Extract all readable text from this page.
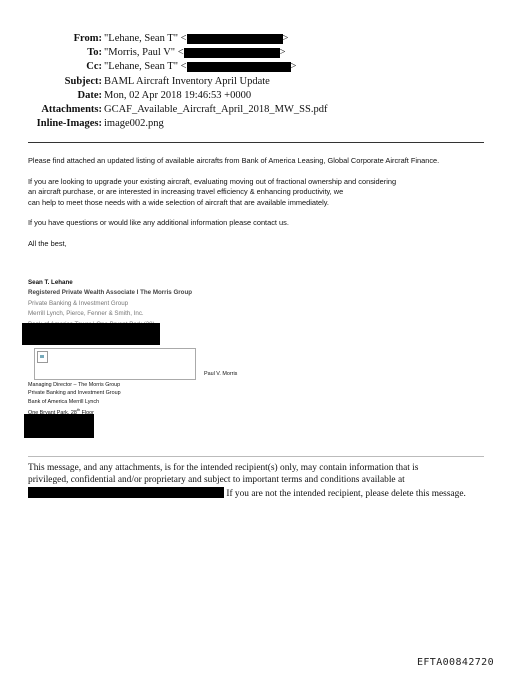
From: "Lehane, Sean T" <	>
To: "Morris, Paul V" <	>
Cc: "Lehane, Sean T" <	>
Subject: BAML Aircraft Inventory April Update
Date: Mon, 02 Apr 2018 19:46:53 +0000
Attachments: GCAF_Available_Aircraft_April_2018_MW_SS.pdf
Inline-Images: image002.png

Please find attached an updated listing of available aircrafts from Bank of America Leasing, Global Corporate Aircraft Finance.

If you are looking to upgrade your existing aircraft, evaluating moving out of fractional ownership and considering
an aircraft purchase, or are interested in increasing travel efficiency & enhancing productivity, we
can help to meet those needs with a wide selection of aircraft that are available immediately.

If you have questions or would like any additional information please contact us.

All the best,

Sean T. Lehane
Registered Private Wealth Associate I The Morris Group
Private Banking & Investment Group
Merrill Lynch, Pierce, Fenner & Smith, Inc.
Paul V. Morris
Managing Director – The Morris Group
Private Banking and Investment Group
Bank of America Merrill Lynch
$^{th}$

This message, and any attachments, is for the intended recipient(s) only, may contain information that is

privileged, confidential and/or proprietary and subject to important terms and conditions available at

If you are not the intended recipient, please delete this message.

EFTA00842720
